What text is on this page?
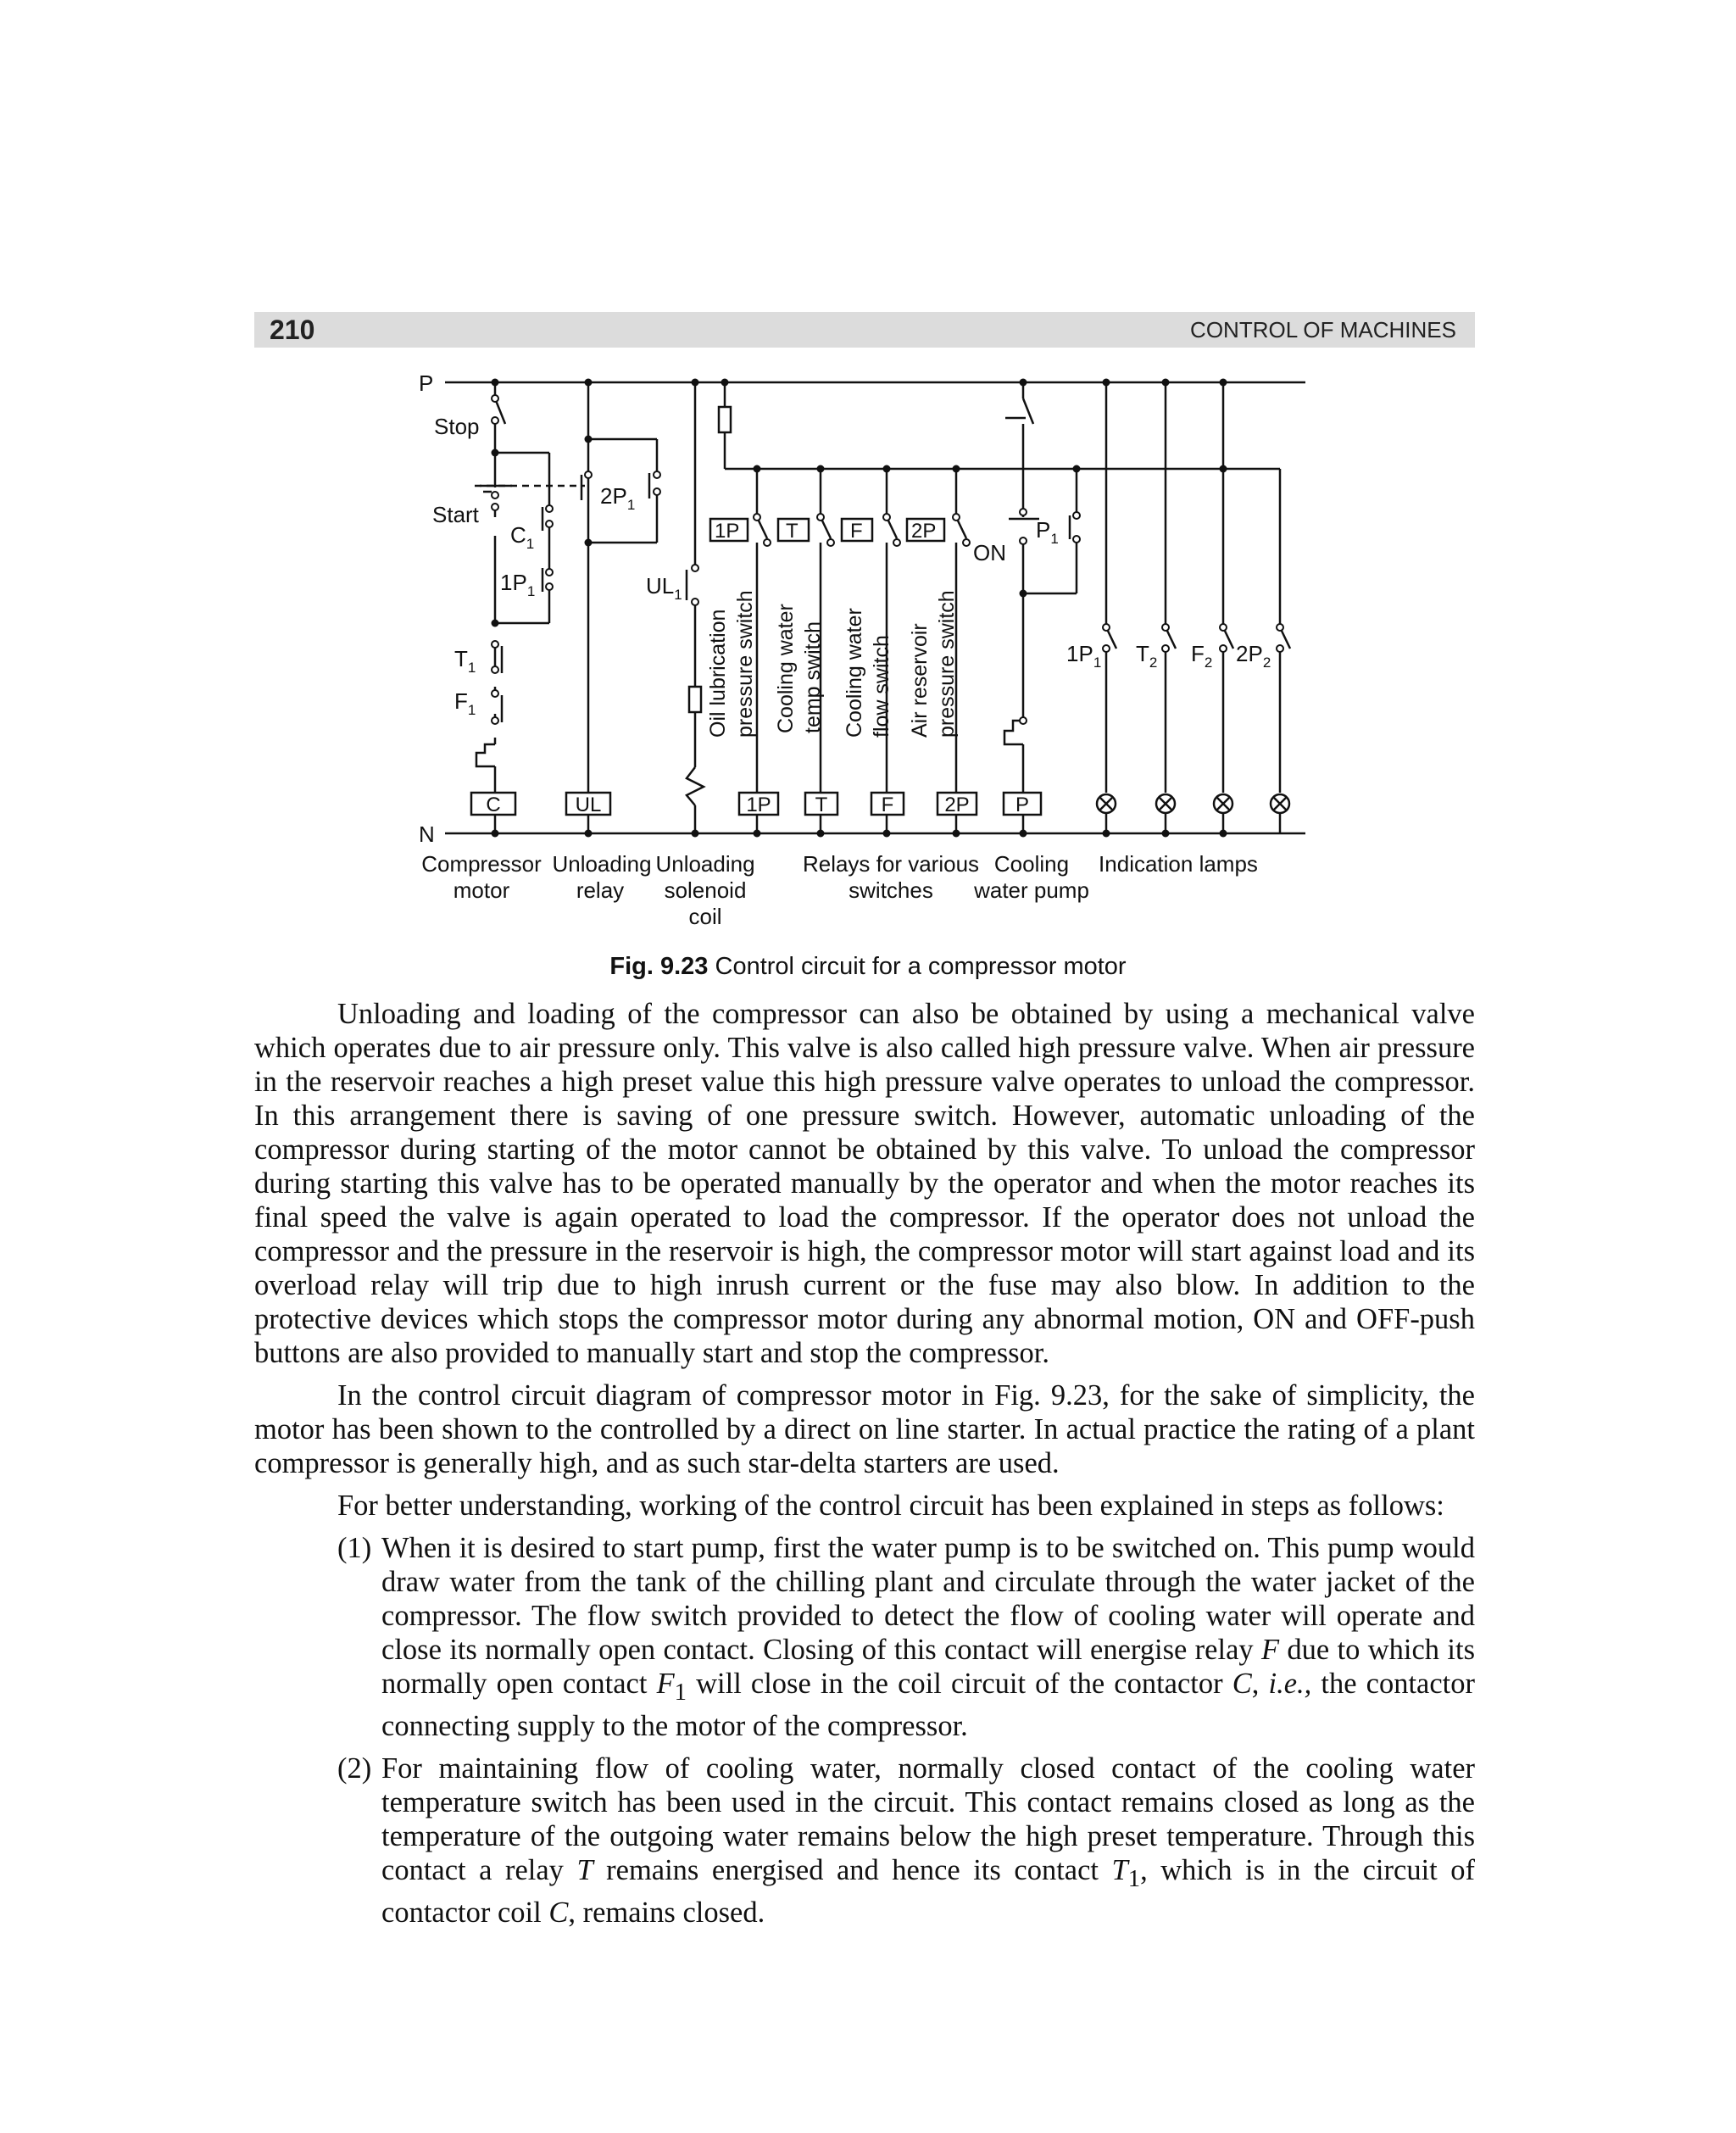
210	CONTROL OF MACHINES
P
N
Stop
Start
$C_1$
$1P_1$
$T_1$
$F_1$
$2P_1$
$UL_1$
ON
$P_1$
1P T	F 2P
$1P_1$ $T_2$ $F_2$ $2P_2$
C	UL	1P T	F 2P P
Oil lubrication pressure switch Cooling water temp switch Cooling water flow switch Air reservoir pressure switch
Compressor
motor
Unloading
relay
Unloading
solenoid
coil
Relays for various
switches
Cooling
water pump
Indication lamps
Fig. 9.23 Control circuit for a compressor motor

Unloading and loading of the compressor can also be obtained by using a mechanical valve which operates due to air pressure only. This valve is also called high pressure valve. When air pressure in the reservoir reaches a high preset value this high pressure valve operates to unload the compressor. In this arrangement there is saving of one pressure switch. However, automatic unloading of the compressor during starting of the motor cannot be obtained by this valve. To unload the compressor during starting this valve has to be operated manually by the operator and when the motor reaches its final speed the valve is again operated to load the compressor. If the operator does not unload the compressor and the pressure in the reservoir is high, the compressor motor will start against load and its overload relay will trip due to high inrush current or the fuse may also blow. In addition to the protective devices which stops the compressor motor during any abnormal motion, ON and OFF-push buttons are also provided to manually start and stop the compressor.

In the control circuit diagram of compressor motor in Fig. 9.23, for the sake of simplicity, the motor has been shown to the controlled by a direct on line starter. In actual practice the rating of a plant compressor is generally high, and as such star-delta starters are used.

For better understanding, working of the control circuit has been explained in steps as follows:

(1) When it is desired to start pump, first the water pump is to be switched on. This pump would draw water from the tank of the chilling plant and circulate through the water jacket of the compressor. The flow switch provided to detect the flow of cooling water will operate and close its normally open contact. Closing of this contact will energise relay F due to which its normally open contact $F_1$ will close in the coil circuit of the contactor C, i.e., the contactor connecting supply to the motor of the compressor.
(2) For maintaining flow of cooling water, normally closed contact of the cooling water temperature switch has been used in the circuit. This contact remains closed as long as the temperature of the outgoing water remains below the high preset temperature. Through this contact a relay T remains energised and hence its contact $T_1$, which is in the circuit of contactor coil C, remains closed.
